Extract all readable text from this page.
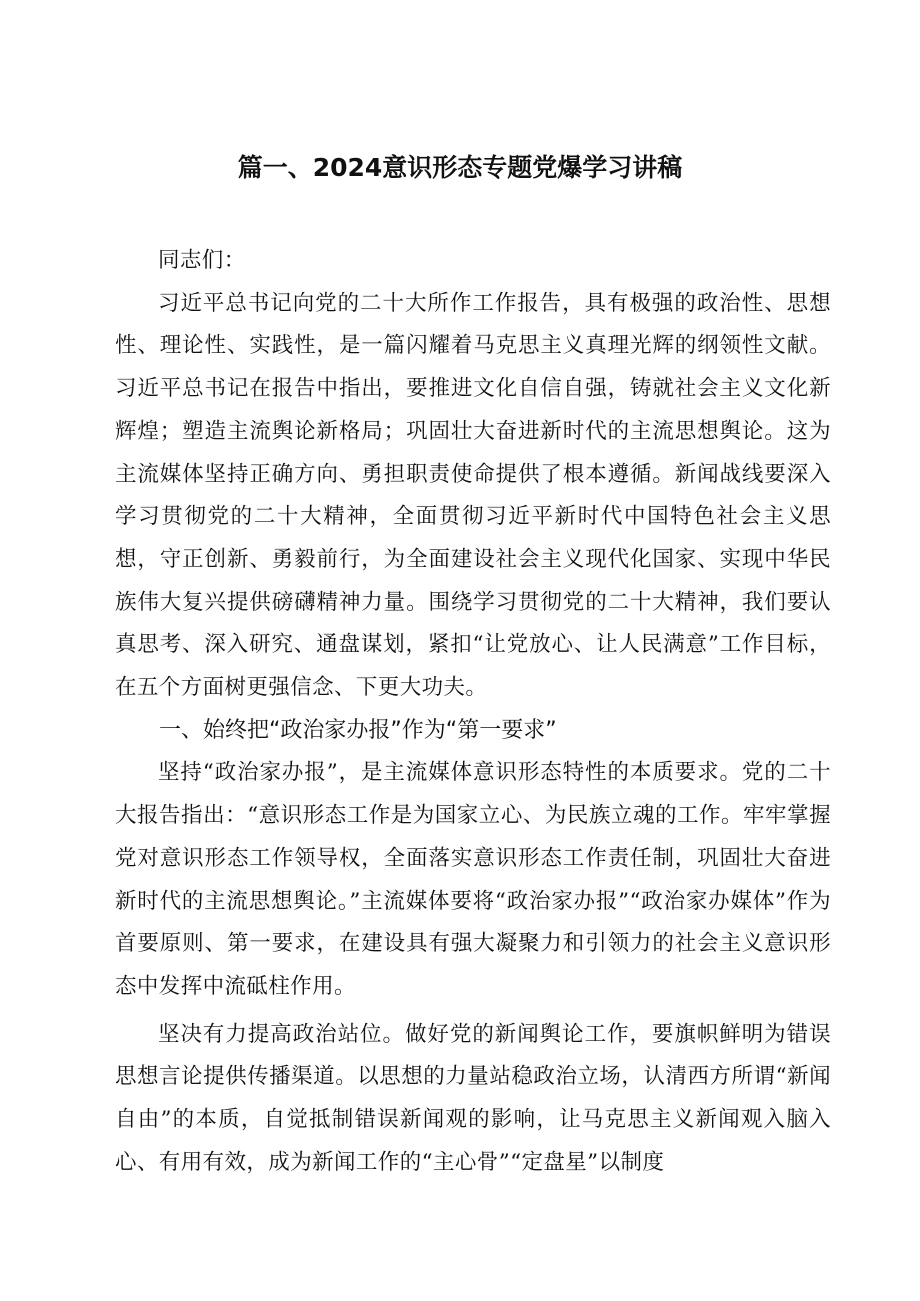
篇一、2024意识形态专题党爆学习讲稿

同志们：

习近平总书记向党的二十大所作工作报告，具有极强的政治性、思想性、理论性、实践性，是一篇闪耀着马克思主义真理光辉的纲领性文献。习近平总书记在报告中指出，要推进文化自信自强，铸就社会主义文化新辉煌；塑造主流舆论新格局；巩固壮大奋进新时代的主流思想舆论。这为主流媒体坚持正确方向、勇担职责使命提供了根本遵循。新闻战线要深入学习贯彻党的二十大精神，全面贯彻习近平新时代中国特色社会主义思想，守正创新、勇毅前行，为全面建设社会主义现代化国家、实现中华民族伟大复兴提供磅礴精神力量。围绕学习贯彻党的二十大精神，我们要认真思考、深入研究、通盘谋划，紧扣“让党放心、让人民满意”工作目标，在五个方面树更强信念、下更大功夫。

一、始终把“政治家办报”作为“第一要求”

坚持“政治家办报”，是主流媒体意识形态特性的本质要求。党的二十大报告指出：“意识形态工作是为国家立心、为民族立魂的工作。牢牢掌握党对意识形态工作领导权，全面落实意识形态工作责任制，巩固壮大奋进新时代的主流思想舆论。”主流媒体要将“政治家办报”“政治家办媒体”作为首要原则、第一要求，在建设具有强大凝聚力和引领力的社会主义意识形态中发挥中流砥柱作用。

坚决有力提高政治站位。做好党的新闻舆论工作，要旗帜鲜明为错误思想言论提供传播渠道。以思想的力量站稳政治立场，认清西方所谓“新闻自由”的本质，自觉抵制错误新闻观的影响，让马克思主义新闻观入脑入心、有用有效，成为新闻工作的“主心骨”“定盘星”以制度
